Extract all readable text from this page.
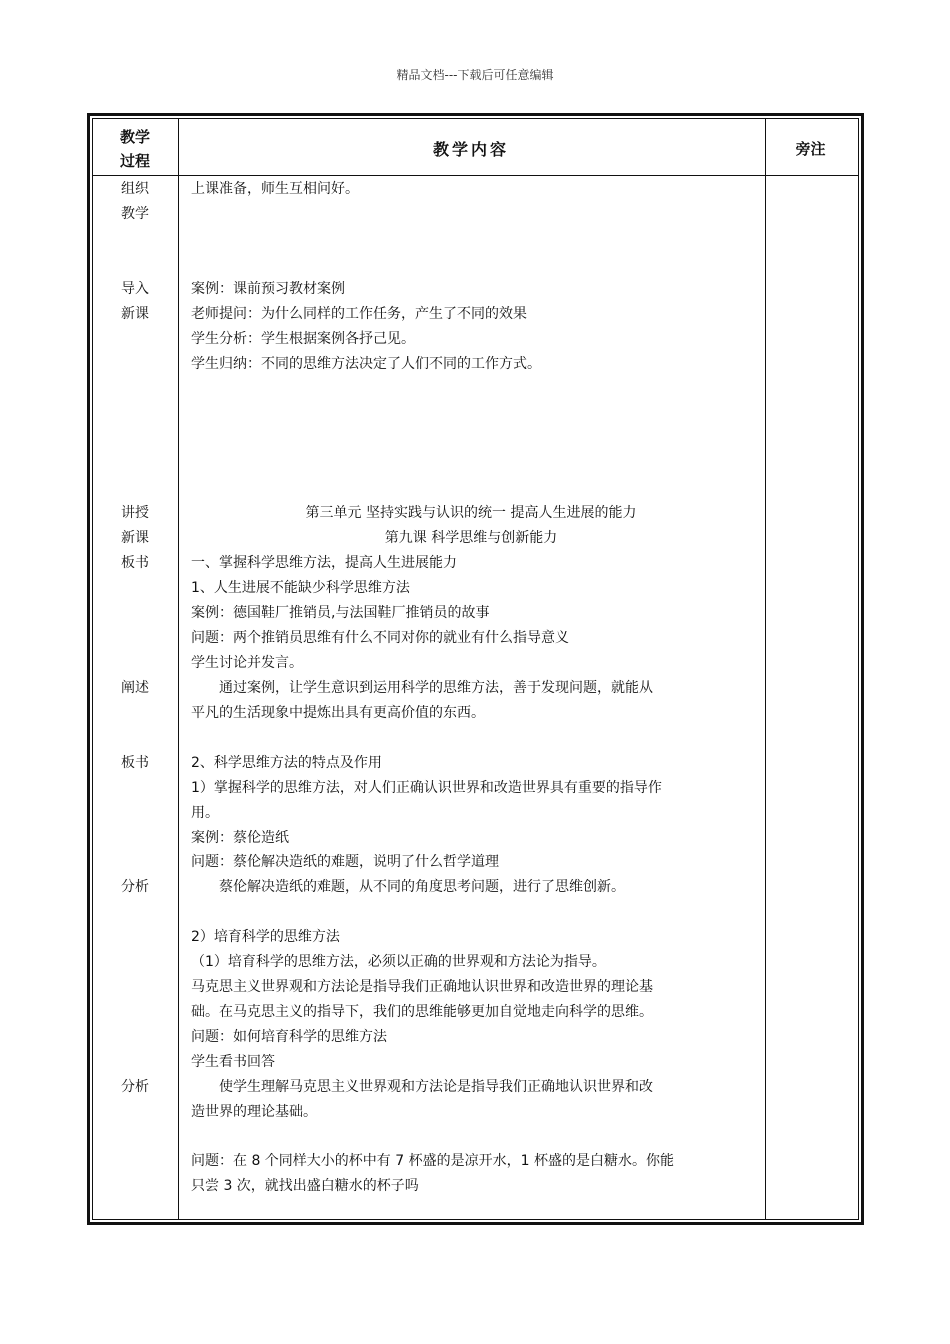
精品文档---下载后可任意编辑
教学
过程
教学内容	旁注
组织
教学
导入
新课
讲授
新课
板书
阐述
板书
分析
分析
上课准备，师生互相问好。
案例：课前预习教材案例
老师提问：为什么同样的工作任务，产生了不同的效果
学生分析：学生根据案例各抒己见。
学生归纳：不同的思维方法决定了人们不同的工作方式。
第三单元 坚持实践与认识的统一 提高人生进展的能力
第九课 科学思维与创新能力
一、掌握科学思维方法，提高人生进展能力
1、人生进展不能缺少科学思维方法
案例：德国鞋厂推销员,与法国鞋厂推销员的故事
问题：两个推销员思维有什么不同对你的就业有什么指导意义
学生讨论并发言。
通过案例，让学生意识到运用科学的思维方法，善于发现问题，就能从
平凡的生活现象中提炼出具有更高价值的东西。
2、科学思维方法的特点及作用
1）掌握科学的思维方法，对人们正确认识世界和改造世界具有重要的指导作
用。
案例：蔡伦造纸
问题：蔡伦解决造纸的难题，说明了什么哲学道理
蔡伦解决造纸的难题，从不同的角度思考问题，进行了思维创新。
2）培育科学的思维方法
（1）培育科学的思维方法，必须以正确的世界观和方法论为指导。
马克思主义世界观和方法论是指导我们正确地认识世界和改造世界的理论基
础。在马克思主义的指导下，我们的思维能够更加自觉地走向科学的思维。
问题：如何培育科学的思维方法
学生看书回答
使学生理解马克思主义世界观和方法论是指导我们正确地认识世界和改
造世界的理论基础。
问题：在 8 个同样大小的杯中有 7 杯盛的是凉开水，1 杯盛的是白糖水。你能
只尝 3 次，就找出盛白糖水的杯子吗
